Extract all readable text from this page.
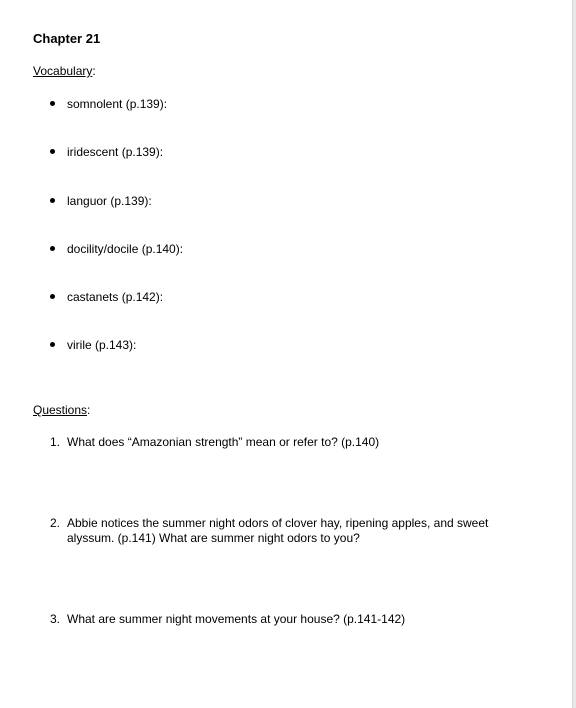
Chapter 21
Vocabulary:
somnolent (p.139):
iridescent (p.139):
languor (p.139):
docility/docile (p.140):
castanets (p.142):
virile (p.143):
Questions:
1. What does “Amazonian strength” mean or refer to? (p.140)
2. Abbie notices the summer night odors of clover hay, ripening apples, and sweet alyssum. (p.141) What are summer night odors to you?
3. What are summer night movements at your house? (p.141-142)
